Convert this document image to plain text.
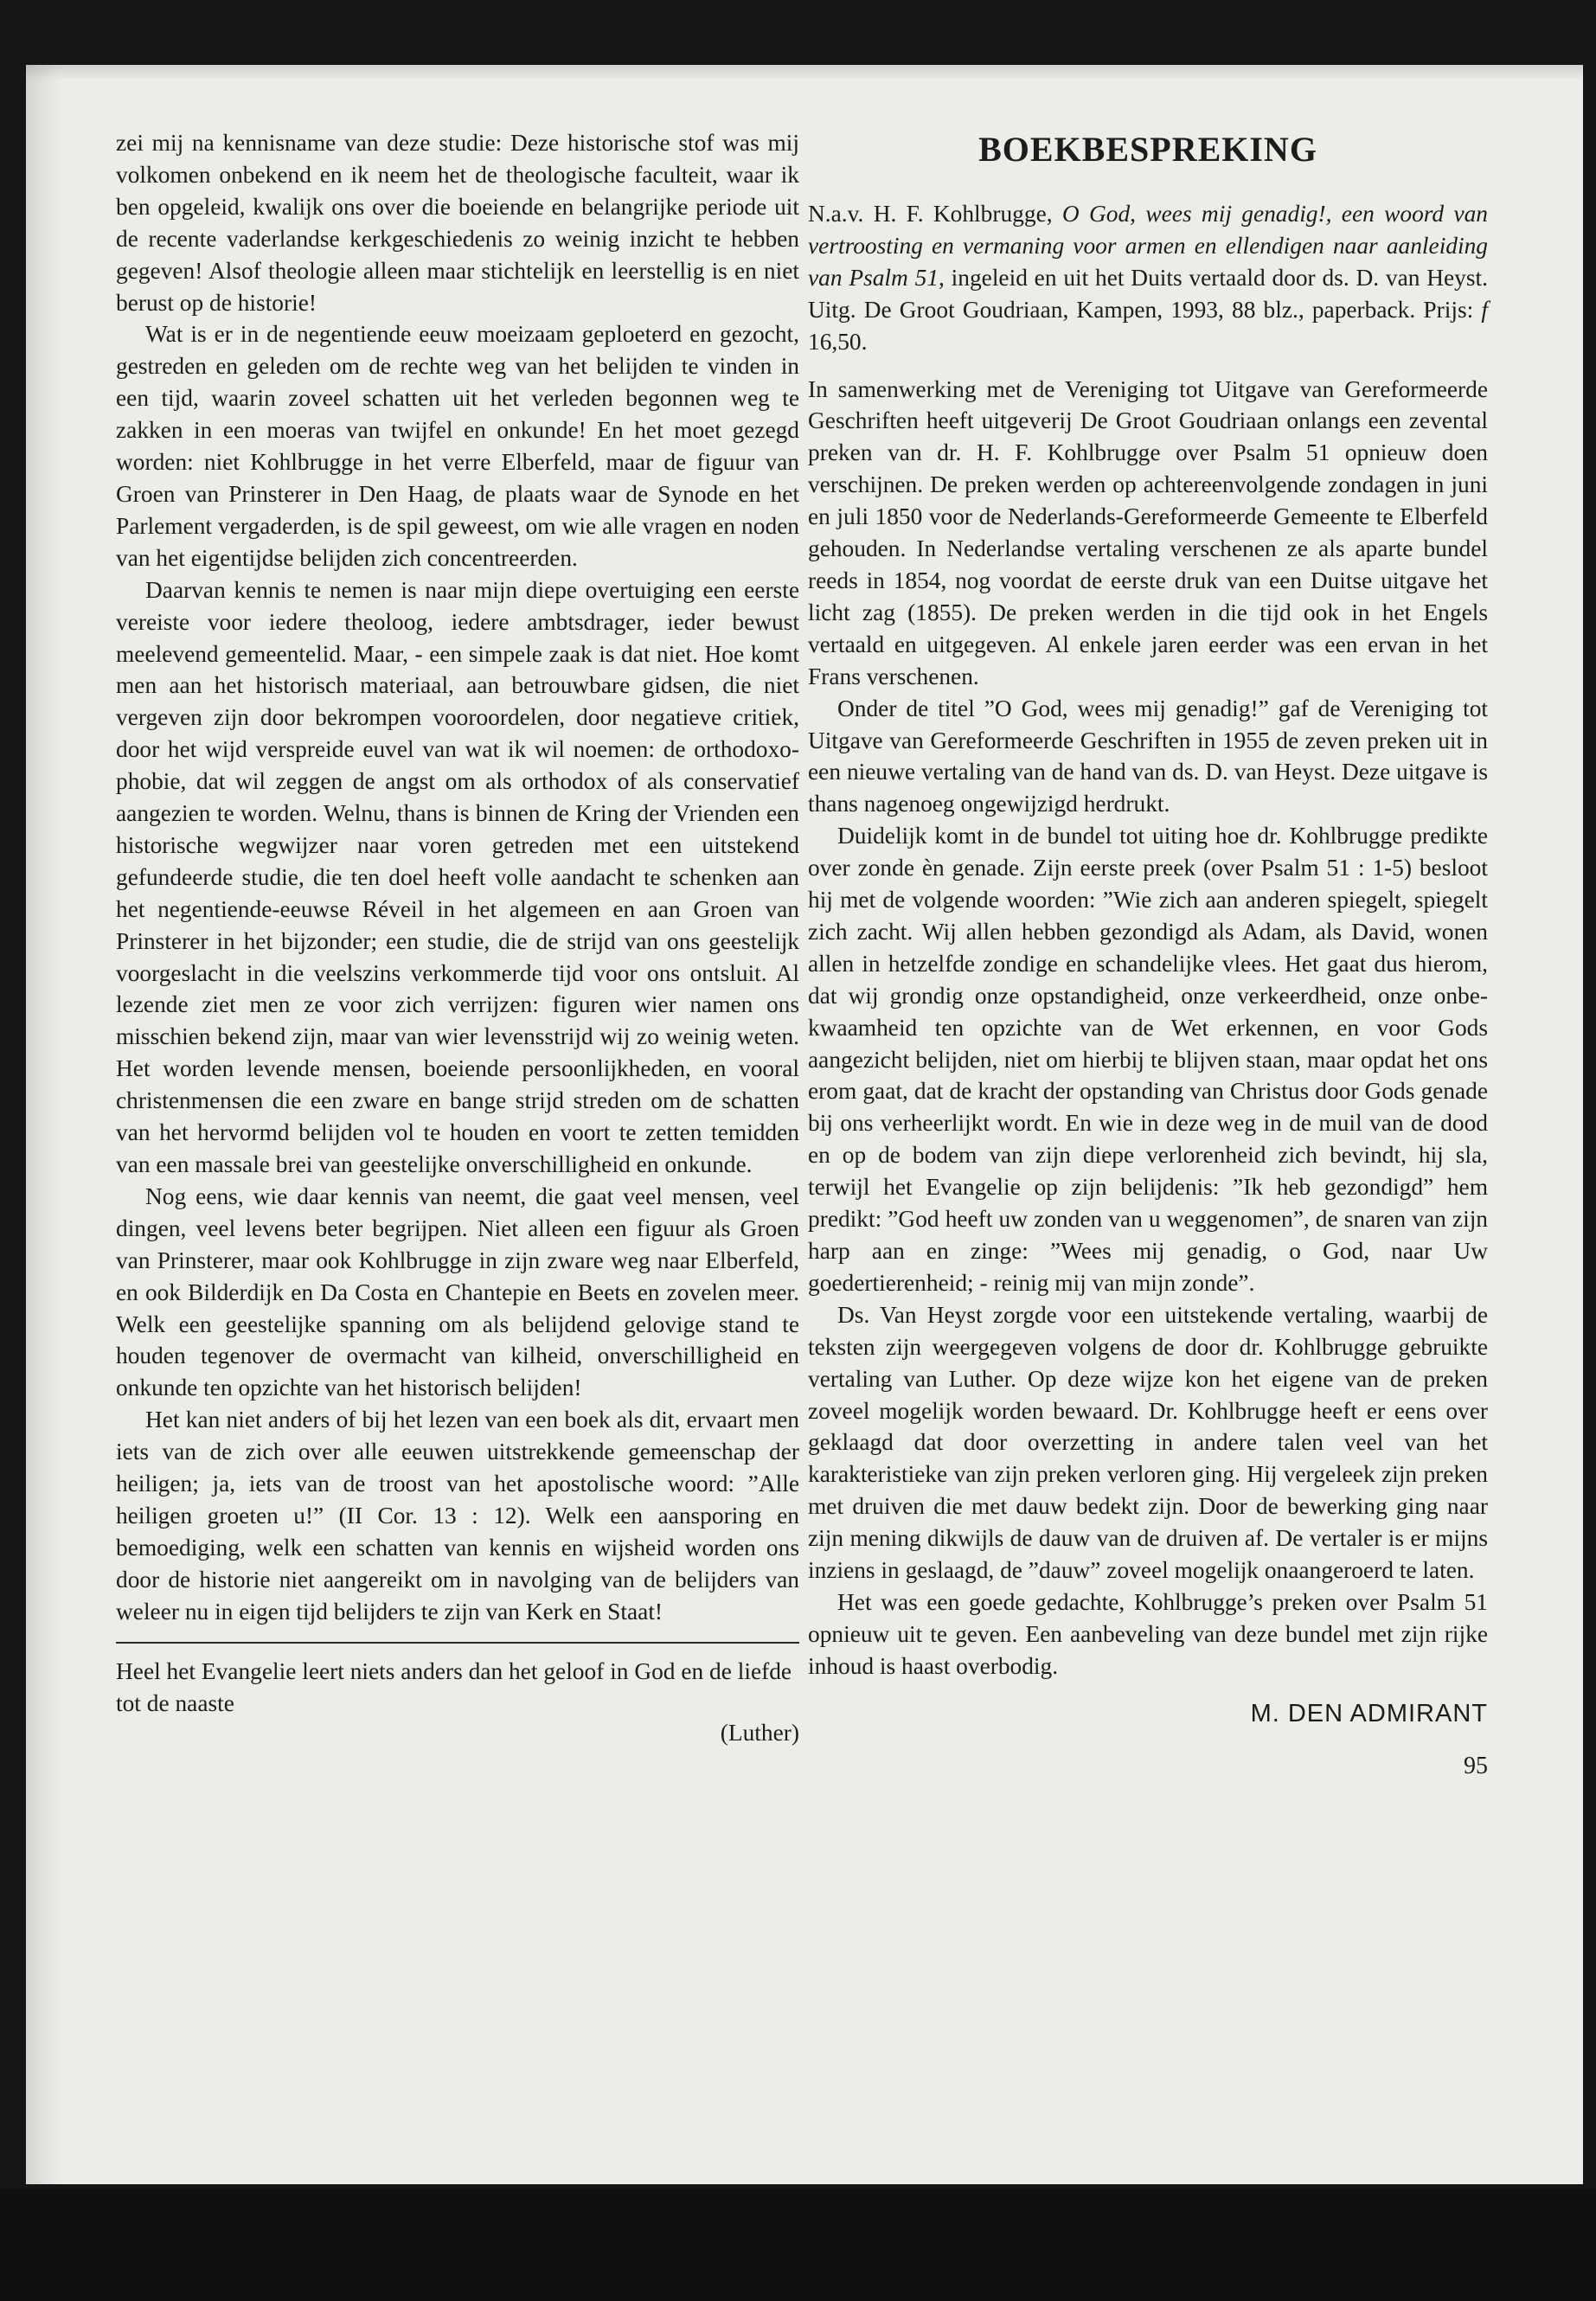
zei mij na kennisname van deze studie: Deze historische stof was mij volkomen onbekend en ik neem het de theologische faculteit, waar ik ben opgeleid, kwalijk ons over die boeiende en belangrijke periode uit de recente vaderlandse kerkgeschiedenis zo weinig inzicht te hebben gegeven! Alsof theologie alleen maar stichtelijk en leerstellig is en niet berust op de historie!

Wat is er in de negentiende eeuw moeizaam geploeterd en gezocht, gestreden en geleden om de rechte weg van het belijden te vinden in een tijd, waarin zoveel schatten uit het verleden begonnen weg te zakken in een moeras van twijfel en onkunde! En het moet gezegd worden: niet Kohlbrugge in het verre Elberfeld, maar de figuur van Groen van Prinsterer in Den Haag, de plaats waar de Synode en het Parlement vergaderden, is de spil geweest, om wie alle vragen en noden van het eigentijdse belijden zich concentreerden.

Daarvan kennis te nemen is naar mijn diepe overtuiging een eerste vereiste voor iedere theoloog, iedere ambtsdrager, ieder bewust meelevend gemeentelid. Maar, - een simpele zaak is dat niet. Hoe komt men aan het historisch materiaal, aan betrouwbare gidsen, die niet vergeven zijn door bekrompen vooroordelen, door negatieve critiek, door het wijd verspreide euvel van wat ik wil noemen: de orthodoxo-phobie, dat wil zeggen de angst om als orthodox of als conservatief aangezien te worden. Welnu, thans is binnen de Kring der Vrienden een historische wegwijzer naar voren getreden met een uitstekend gefundeerde studie, die ten doel heeft volle aandacht te schenken aan het negentiende-eeuwse Réveil in het algemeen en aan Groen van Prinsterer in het bijzonder; een studie, die de strijd van ons geestelijk voorgeslacht in die veelszins verkommerde tijd voor ons ontsluit. Al lezende ziet men ze voor zich verrijzen: figuren wier namen ons misschien bekend zijn, maar van wier levensstrijd wij zo weinig weten. Het worden levende mensen, boeiende persoonlijkheden, en vooral christenmensen die een zware en bange strijd streden om de schatten van het hervormd belijden vol te houden en voort te zetten temidden van een massale brei van geestelijke onverschilligheid en onkunde.

Nog eens, wie daar kennis van neemt, die gaat veel mensen, veel dingen, veel levens beter begrijpen. Niet alleen een figuur als Groen van Prinsterer, maar ook Kohlbrugge in zijn zware weg naar Elberfeld, en ook Bilderdijk en Da Costa en Chantepie en Beets en zovelen meer. Welk een geestelijke spanning om als belijdend gelovige stand te houden tegenover de overmacht van kilheid, onverschilligheid en onkunde ten opzichte van het historisch belijden!

Het kan niet anders of bij het lezen van een boek als dit, ervaart men iets van de zich over alle eeuwen uitstrekkende gemeenschap der heiligen; ja, iets van de troost van het apostolische woord: ”Alle heiligen groeten u!” (II Cor. 13 : 12). Welk een aansporing en bemoediging, welk een schatten van kennis en wijsheid worden ons door de historie niet aangereikt om in navolging van de belijders van weleer nu in eigen tijd belijders te zijn van Kerk en Staat!

Heel het Evangelie leert niets anders dan het geloof in God en de liefde tot de naaste

(Luther)

BOEKBESPREKING

N.a.v. H. F. Kohlbrugge, O God, wees mij genadig!, een woord van vertroosting en vermaning voor armen en ellendigen naar aanleiding van Psalm 51, ingeleid en uit het Duits vertaald door ds. D. van Heyst. Uitg. De Groot Goudriaan, Kampen, 1993, 88 blz., paperback. Prijs: f 16,50.

In samenwerking met de Vereniging tot Uitgave van Gereformeerde Geschriften heeft uitgeverij De Groot Goudriaan onlangs een zevental preken van dr. H. F. Kohlbrugge over Psalm 51 opnieuw doen verschijnen. De preken werden op achtereenvolgende zondagen in juni en juli 1850 voor de Nederlands-Gereformeerde Gemeente te Elberfeld gehouden. In Nederlandse vertaling verschenen ze als aparte bundel reeds in 1854, nog voordat de eerste druk van een Duitse uitgave het licht zag (1855). De preken werden in die tijd ook in het Engels vertaald en uitgegeven. Al enkele jaren eerder was een ervan in het Frans verschenen.

Onder de titel ”O God, wees mij genadig!” gaf de Vereniging tot Uitgave van Gereformeerde Geschriften in 1955 de zeven preken uit in een nieuwe vertaling van de hand van ds. D. van Heyst. Deze uitgave is thans nagenoeg ongewijzigd herdrukt.

Duidelijk komt in de bundel tot uiting hoe dr. Kohlbrugge predikte over zonde èn genade. Zijn eerste preek (over Psalm 51 : 1-5) besloot hij met de volgende woorden: ”Wie zich aan anderen spiegelt, spiegelt zich zacht. Wij allen hebben gezondigd als Adam, als David, wonen allen in hetzelfde zondige en schandelijke vlees. Het gaat dus hierom, dat wij grondig onze opstandigheid, onze verkeerdheid, onze onbekwaamheid ten opzichte van de Wet erkennen, en voor Gods aangezicht belijden, niet om hierbij te blijven staan, maar opdat het ons erom gaat, dat de kracht der opstanding van Christus door Gods genade bij ons verheerlijkt wordt. En wie in deze weg in de muil van de dood en op de bodem van zijn diepe verlorenheid zich bevindt, hij sla, terwijl het Evangelie op zijn belijdenis: ”Ik heb gezondigd” hem predikt: ”God heeft uw zonden van u weggenomen”, de snaren van zijn harp aan en zinge: ”Wees mij genadig, o God, naar Uw goedertierenheid; - reinig mij van mijn zonde”.

Ds. Van Heyst zorgde voor een uitstekende vertaling, waarbij de teksten zijn weergegeven volgens de door dr. Kohlbrugge gebruikte vertaling van Luther. Op deze wijze kon het eigene van de preken zoveel mogelijk worden bewaard. Dr. Kohlbrugge heeft er eens over geklaagd dat door overzetting in andere talen veel van het karakteristieke van zijn preken verloren ging. Hij vergeleek zijn preken met druiven die met dauw bedekt zijn. Door de bewerking ging naar zijn mening dikwijls de dauw van de druiven af. De vertaler is er mijns inziens in geslaagd, de ”dauw” zoveel mogelijk onaangeroerd te laten.

Het was een goede gedachte, Kohlbrugge’s preken over Psalm 51 opnieuw uit te geven. Een aanbeveling van deze bundel met zijn rijke inhoud is haast overbodig.

M. DEN ADMIRANT

95
